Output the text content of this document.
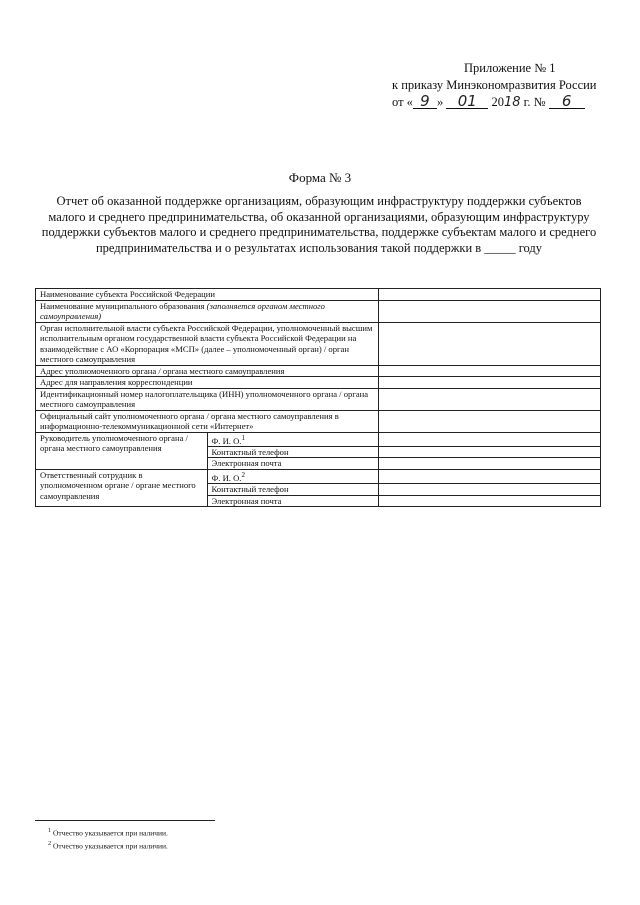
Приложение № 1
к приказу Минэкономразвития России
от « 9 » 01 2018 г. № 6
Форма № 3
Отчет об оказанной поддержке организациям, образующим инфраструктуру поддержки субъектов малого и среднего предпринимательства, об оказанной организациями, образующим инфраструктуру поддержки субъектов малого и среднего предпринимательства, поддержке субъектам малого и среднего предпринимательства и о результатах использования такой поддержки в _____ году
Наименование субъекта Российской Федерации		
Наименование муниципального образования (заполняется органом местного самоуправления)		
Орган исполнительной власти субъекта Российской Федерации, уполномоченный высшим исполнительным органом государственной власти субъекта Российской Федерации на взаимодействие с АО «Корпорация «МСП» (далее – уполномоченный орган) / орган местного самоуправления		
Адрес уполномоченного органа / органа местного самоуправления		
Адрес для направления корреспонденции		
Идентификационный номер налогоплательщика (ИНН) уполномоченного органа / органа местного самоуправления		
Официальный сайт уполномоченного органа / органа местного самоуправления в информационно-телекоммуникационной сети «Интернет»		
Руководитель уполномоченного органа / органа местного самоуправления	Ф. И. О.$^1$	
	Контактный телефон	
	Электронная почта	
Ответственный сотрудник в уполномоченном органе / органе местного самоуправления	Ф. И. О.$^2$	
	Контактный телефон	
	Электронная почта	
$^1$ Отчество указывается при наличии.
$^2$ Отчество указывается при наличии.
